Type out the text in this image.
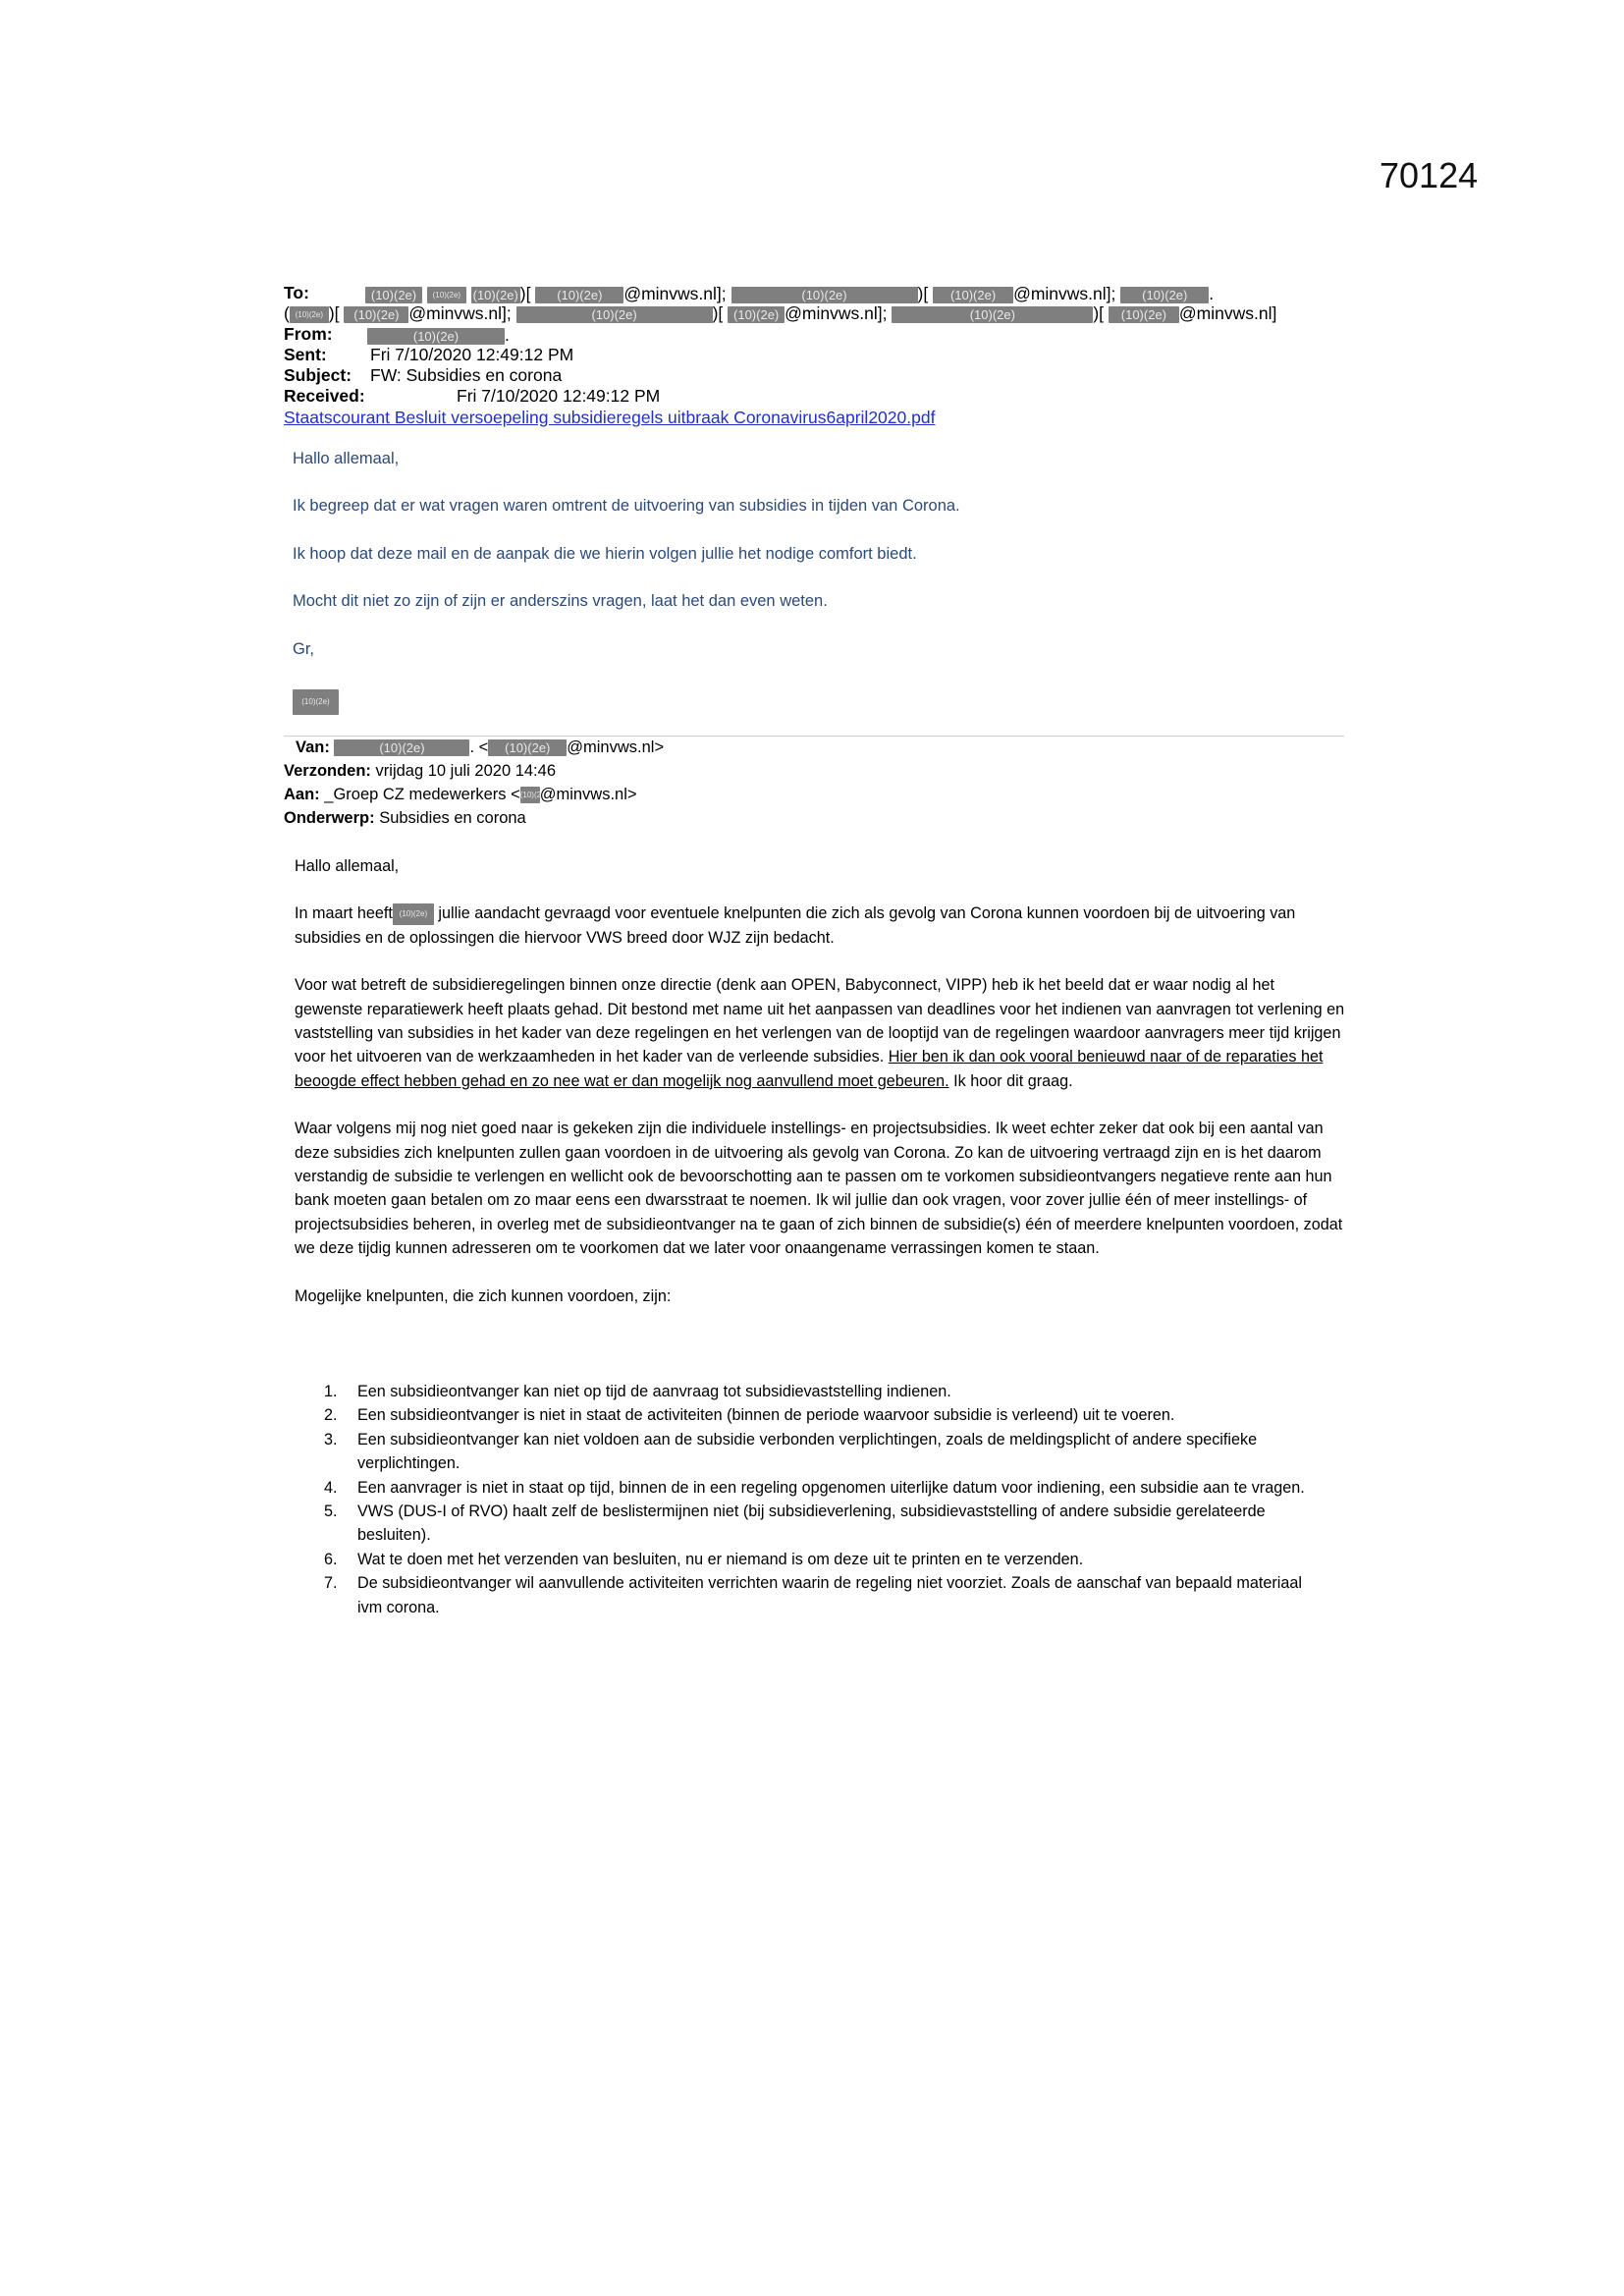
70124
To:	(10)(2e) (10)(2e) (10)(2e) )[ (10)(2e) @minvws.nl];	(10)(2e)	)[ (10)(2e) @minvws.nl]; (10)(2e) .
( (10)(2e) )[ (10)(2e) @minvws.nl];	(10)(2e)	)[ (10)(2e) @minvws.nl];	(10)(2e)	)[ (10)(2e) @minvws.nl]
From:	(10)(2e)	.
Sent:	Fri 7/10/2020 12:49:12 PM
Subject: FW: Subsidies en corona
Received:	Fri 7/10/2020 12:49:12 PM
Staatscourant Besluit versoepeling subsidieregels uitbraak Coronavirus6april2020.pdf

Hallo allemaal,

Ik begreep dat er wat vragen waren omtrent de uitvoering van subsidies in tijden van Corona.

Ik hoop dat deze mail en de aanpak die we hierin volgen jullie het nodige comfort biedt.

Mocht dit niet zo zijn of zijn er anderszins vragen, laat het dan even weten.

Gr,

(10)(2e)
Van:	(10)(2e)	. < (10)(2e) @minvws.nl>
Verzonden: vrijdag 10 juli 2020 14:46
Aan: _Groep CZ medewerkers <(10)(2e)@minvws.nl>
Onderwerp: Subsidies en corona

Hallo allemaal,

In maart heeft (10)(2e) jullie aandacht gevraagd voor eventuele knelpunten die zich als gevolg van Corona kunnen voordoen bij de uitvoering van subsidies en de oplossingen die hiervoor VWS breed door WJZ zijn bedacht.

Voor wat betreft de subsidieregelingen binnen onze directie (denk aan OPEN, Babyconnect, VIPP) heb ik het beeld dat er waar nodig al het gewenste reparatiewerk heeft plaats gehad. Dit bestond met name uit het aanpassen van deadlines voor het indienen van aanvragen tot verlening en vaststelling van subsidies in het kader van deze regelingen en het verlengen van de looptijd van de regelingen waardoor aanvragers meer tijd krijgen voor het uitvoeren van de werkzaamheden in het kader van de verleende subsidies. Hier ben ik dan ook vooral benieuwd naar of de reparaties het beoogde effect hebben gehad en zo nee wat er dan mogelijk nog aanvullend moet gebeuren. Ik hoor dit graag.

Waar volgens mij nog niet goed naar is gekeken zijn die individuele instellings- en projectsubsidies. Ik weet echter zeker dat ook bij een aantal van deze subsidies zich knelpunten zullen gaan voordoen in de uitvoering als gevolg van Corona. Zo kan de uitvoering vertraagd zijn en is het daarom verstandig de subsidie te verlengen en wellicht ook de bevoorschotting aan te passen om te vorkomen subsidieontvangers negatieve rente aan hun bank moeten gaan betalen om zo maar eens een dwarsstraat te noemen. Ik wil jullie dan ook vragen, voor zover jullie één of meer instellings- of projectsubsidies beheren, in overleg met de subsidieontvanger na te gaan of zich binnen de subsidie(s) één of meerdere knelpunten voordoen, zodat we deze tijdig kunnen adresseren om te voorkomen dat we later voor onaangename verrassingen komen te staan.

Mogelijke knelpunten, die zich kunnen voordoen, zijn:

1. Een subsidieontvanger kan niet op tijd de aanvraag tot subsidievaststelling indienen.
2. Een subsidieontvanger is niet in staat de activiteiten (binnen de periode waarvoor subsidie is verleend) uit te voeren.
3. Een subsidieontvanger kan niet voldoen aan de subsidie verbonden verplichtingen, zoals de meldingsplicht of andere specifieke verplichtingen.
4. Een aanvrager is niet in staat op tijd, binnen de in een regeling opgenomen uiterlijke datum voor indiening, een subsidie aan te vragen.
5. VWS (DUS-I of RVO) haalt zelf de beslistermijnen niet (bij subsidieverlening, subsidievaststelling of andere subsidie gerelateerde besluiten).
6. Wat te doen met het verzenden van besluiten, nu er niemand is om deze uit te printen en te verzenden.
7. De subsidieontvanger wil aanvullende activiteiten verrichten waarin de regeling niet voorziet. Zoals de aanschaf van bepaald materiaal ivm corona.
